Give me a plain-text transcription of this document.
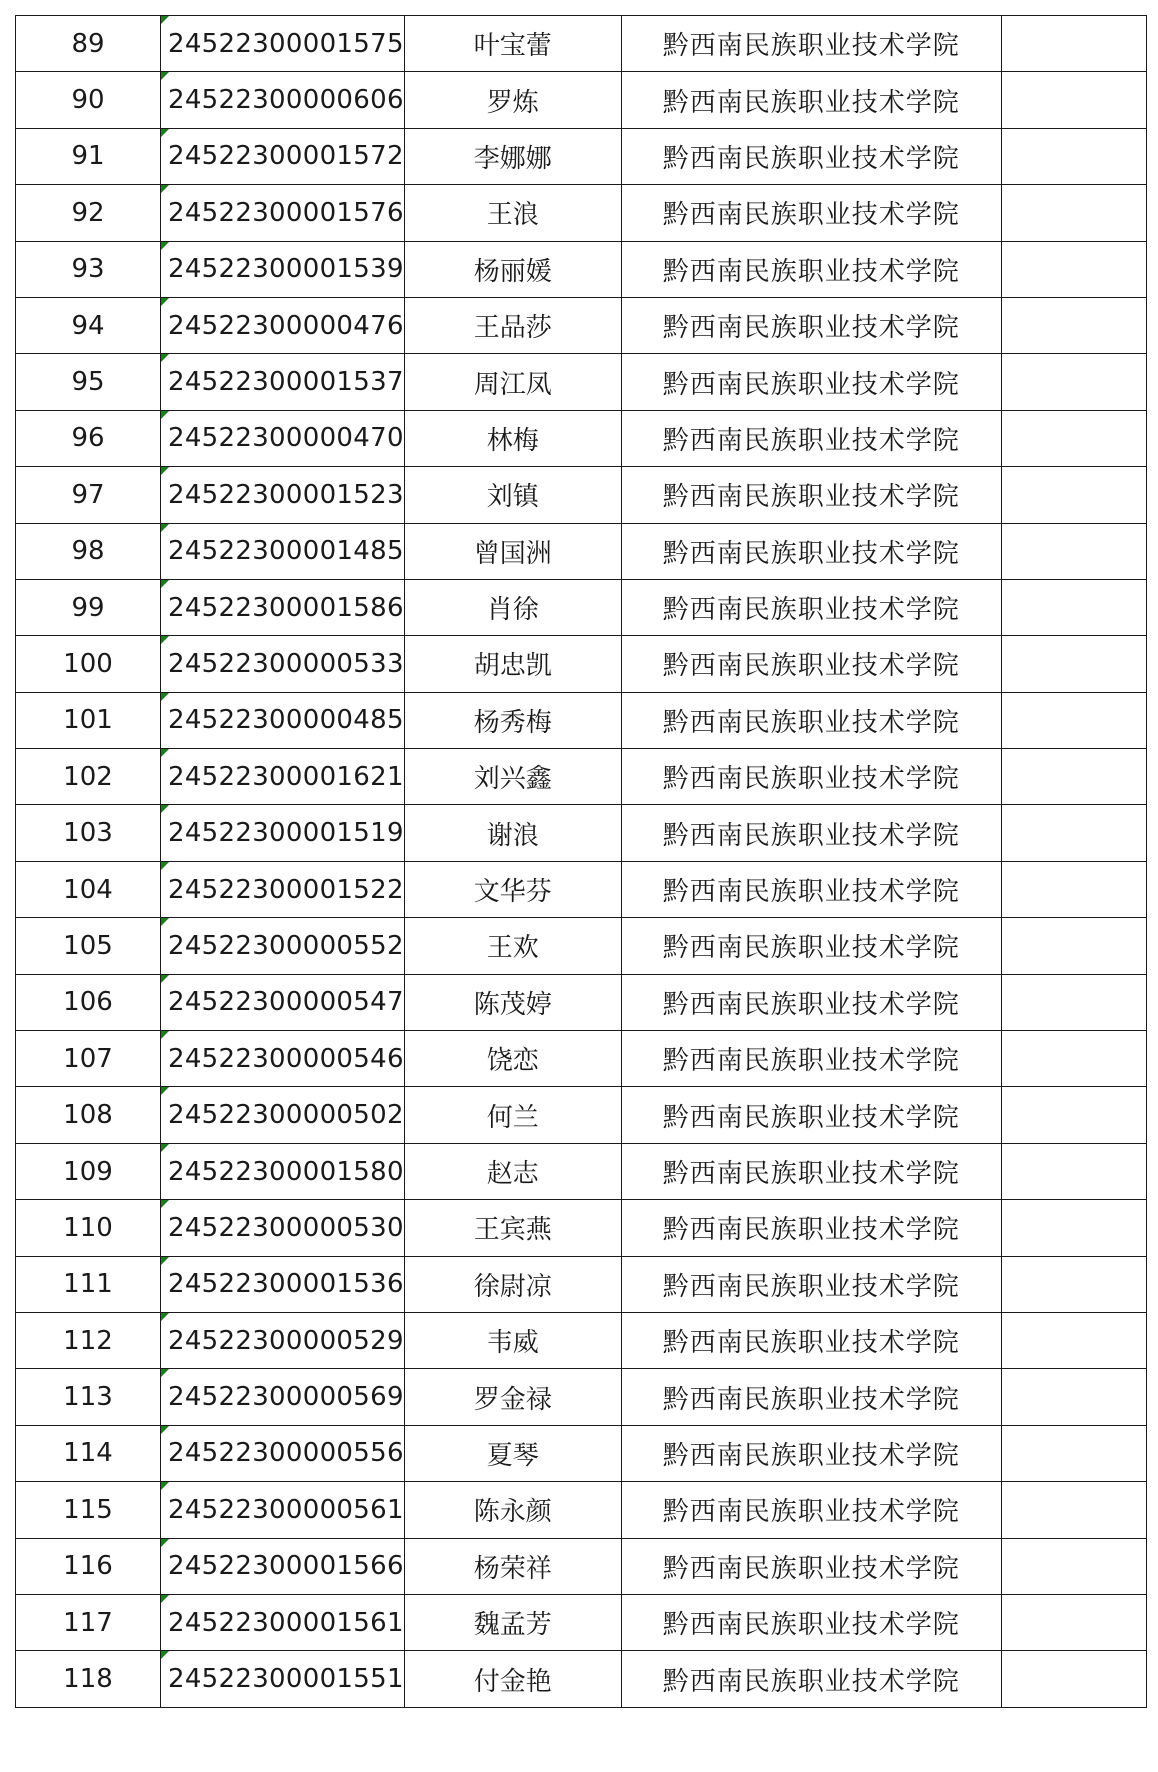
89	24522300001575	叶宝蕾	黔西南民族职业技术学院	
90	24522300000606	罗炼	黔西南民族职业技术学院	
91	24522300001572	李娜娜	黔西南民族职业技术学院	
92	24522300001576	王浪	黔西南民族职业技术学院	
93	24522300001539	杨丽媛	黔西南民族职业技术学院	
94	24522300000476	王品莎	黔西南民族职业技术学院	
95	24522300001537	周江凤	黔西南民族职业技术学院	
96	24522300000470	林梅	黔西南民族职业技术学院	
97	24522300001523	刘镇	黔西南民族职业技术学院	
98	24522300001485	曾国洲	黔西南民族职业技术学院	
99	24522300001586	肖徐	黔西南民族职业技术学院	
100	24522300000533	胡忠凯	黔西南民族职业技术学院	
101	24522300000485	杨秀梅	黔西南民族职业技术学院	
102	24522300001621	刘兴鑫	黔西南民族职业技术学院	
103	24522300001519	谢浪	黔西南民族职业技术学院	
104	24522300001522	文华芬	黔西南民族职业技术学院	
105	24522300000552	王欢	黔西南民族职业技术学院	
106	24522300000547	陈茂婷	黔西南民族职业技术学院	
107	24522300000546	饶恋	黔西南民族职业技术学院	
108	24522300000502	何兰	黔西南民族职业技术学院	
109	24522300001580	赵志	黔西南民族职业技术学院	
110	24522300000530	王宾燕	黔西南民族职业技术学院	
111	24522300001536	徐尉凉	黔西南民族职业技术学院	
112	24522300000529	韦威	黔西南民族职业技术学院	
113	24522300000569	罗金禄	黔西南民族职业技术学院	
114	24522300000556	夏琴	黔西南民族职业技术学院	
115	24522300000561	陈永颜	黔西南民族职业技术学院	
116	24522300001566	杨荣祥	黔西南民族职业技术学院	
117	24522300001561	魏孟芳	黔西南民族职业技术学院	
118	24522300001551	付金艳	黔西南民族职业技术学院	
